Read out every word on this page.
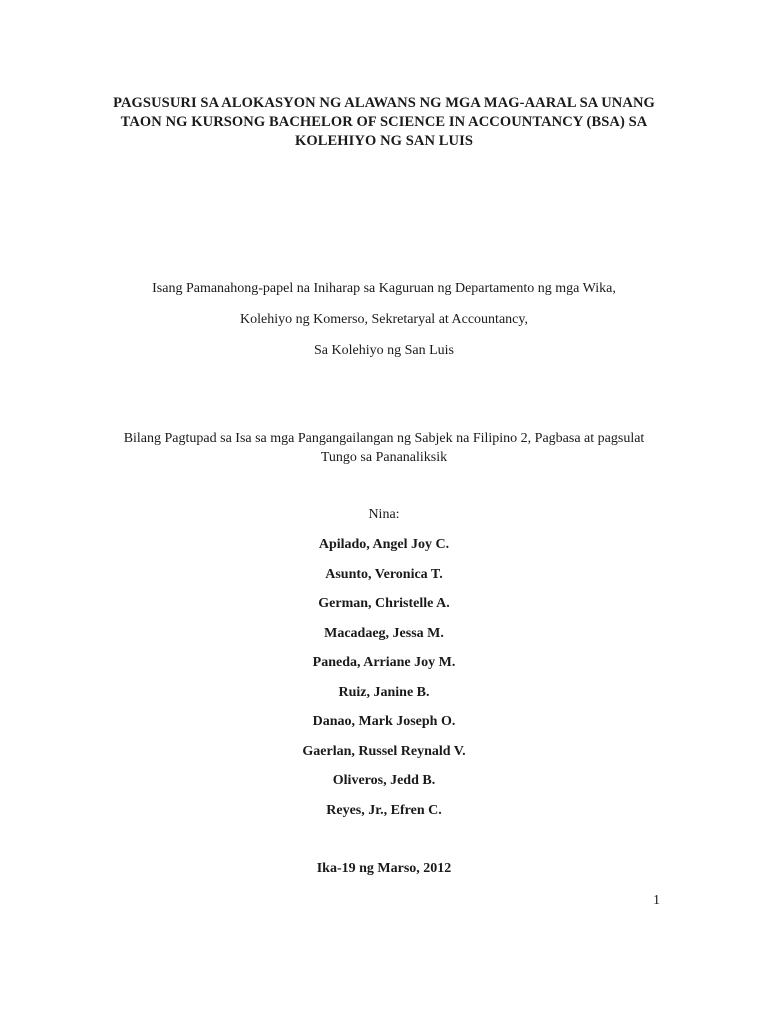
PAGSUSURI SA ALOKASYON NG ALAWANS NG MGA MAG-AARAL SA UNANG
TAON NG KURSONG BACHELOR OF SCIENCE IN ACCOUNTANCY (BSA) SA
KOLEHIYO NG SAN LUIS
Isang Pamanahong-papel na Iniharap sa Kaguruan ng Departamento ng mga Wika,
Kolehiyo ng Komerso, Sekretaryal at Accountancy,
Sa Kolehiyo ng San Luis
Bilang Pagtupad sa Isa sa mga Pangangailangan ng Sabjek na Filipino 2, Pagbasa at pagsulat
Tungo sa Pananaliksik
Nina:
Apilado, Angel Joy C.
Asunto, Veronica T.
German, Christelle A.
Macadaeg, Jessa M.
Paneda, Arriane Joy M.
Ruiz, Janine B.
Danao, Mark Joseph O.
Gaerlan, Russel Reynald V.
Oliveros, Jedd B.
Reyes, Jr., Efren C.
Ika-19 ng Marso, 2012
1
